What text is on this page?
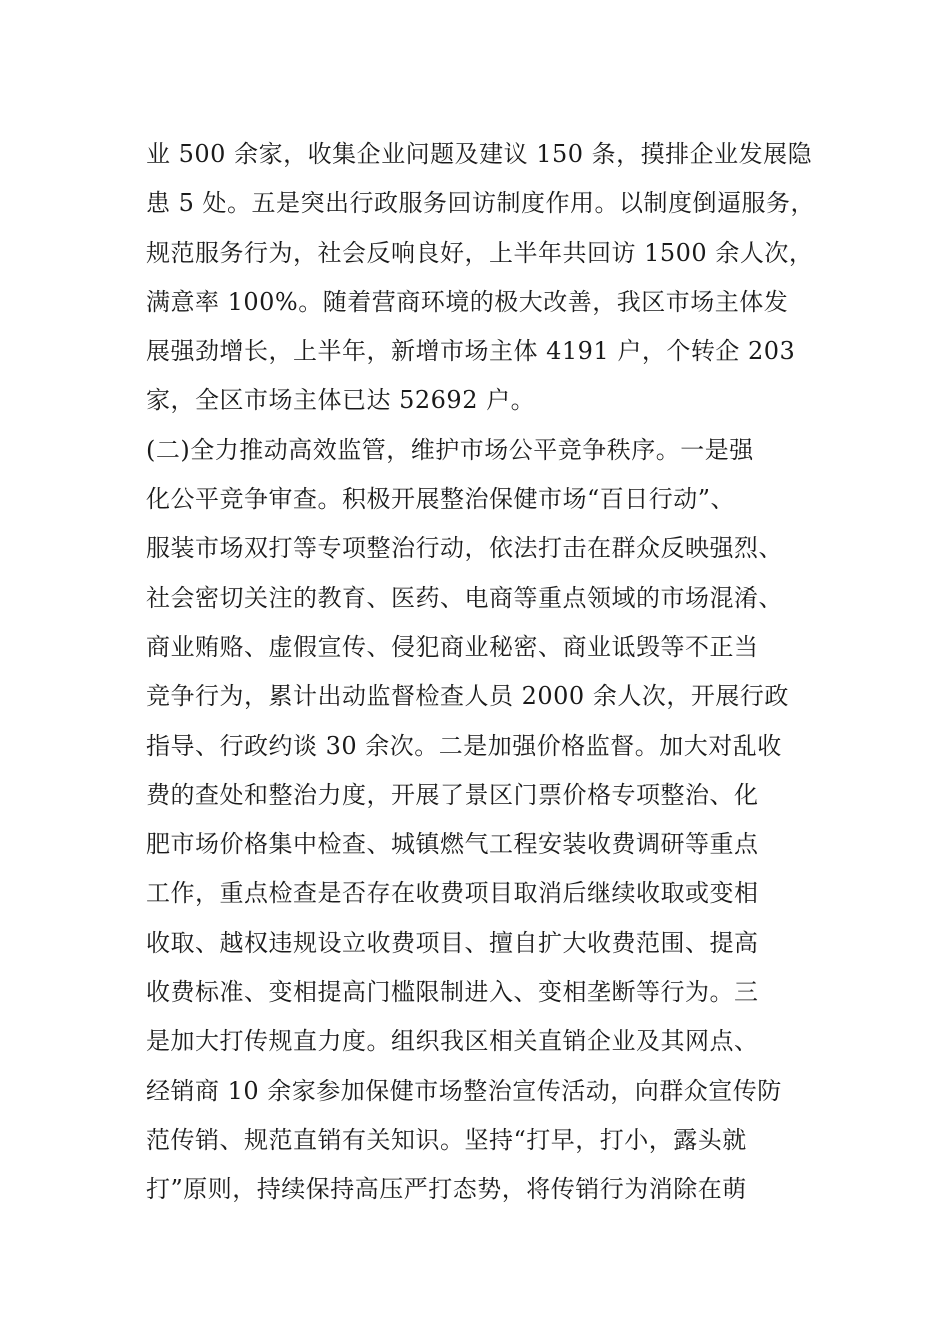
业 500 余家，收集企业问题及建议 150 条，摸排企业发展隐
患 5 处。五是突出行政服务回访制度作用。以制度倒逼服务，
规范服务行为，社会反响良好，上半年共回访 1500 余人次，
满意率 100%。随着营商环境的极大改善，我区市场主体发
展强劲增长，上半年，新增市场主体 4191 户，个转企 203
家，全区市场主体已达 52692 户。
(二)全力推动高效监管，维护市场公平竞争秩序。一是强
化公平竞争审查。积极开展整治保健市场“百日行动”、
服装市场双打等专项整治行动，依法打击在群众反映强烈、
社会密切关注的教育、医药、电商等重点领域的市场混淆、
商业贿赂、虚假宣传、侵犯商业秘密、商业诋毁等不正当
竞争行为，累计出动监督检查人员 2000 余人次，开展行政
指导、行政约谈 30 余次。二是加强价格监督。加大对乱收
费的查处和整治力度，开展了景区门票价格专项整治、化
肥市场价格集中检查、城镇燃气工程安装收费调研等重点
工作，重点检查是否存在收费项目取消后继续收取或变相
收取、越权违规设立收费项目、擅自扩大收费范围、提高
收费标准、变相提高门槛限制进入、变相垄断等行为。三
是加大打传规直力度。组织我区相关直销企业及其网点、
经销商 10 余家参加保健市场整治宣传活动，向群众宣传防
范传销、规范直销有关知识。坚持“打早，打小，露头就
打”原则，持续保持高压严打态势，将传销行为消除在萌
